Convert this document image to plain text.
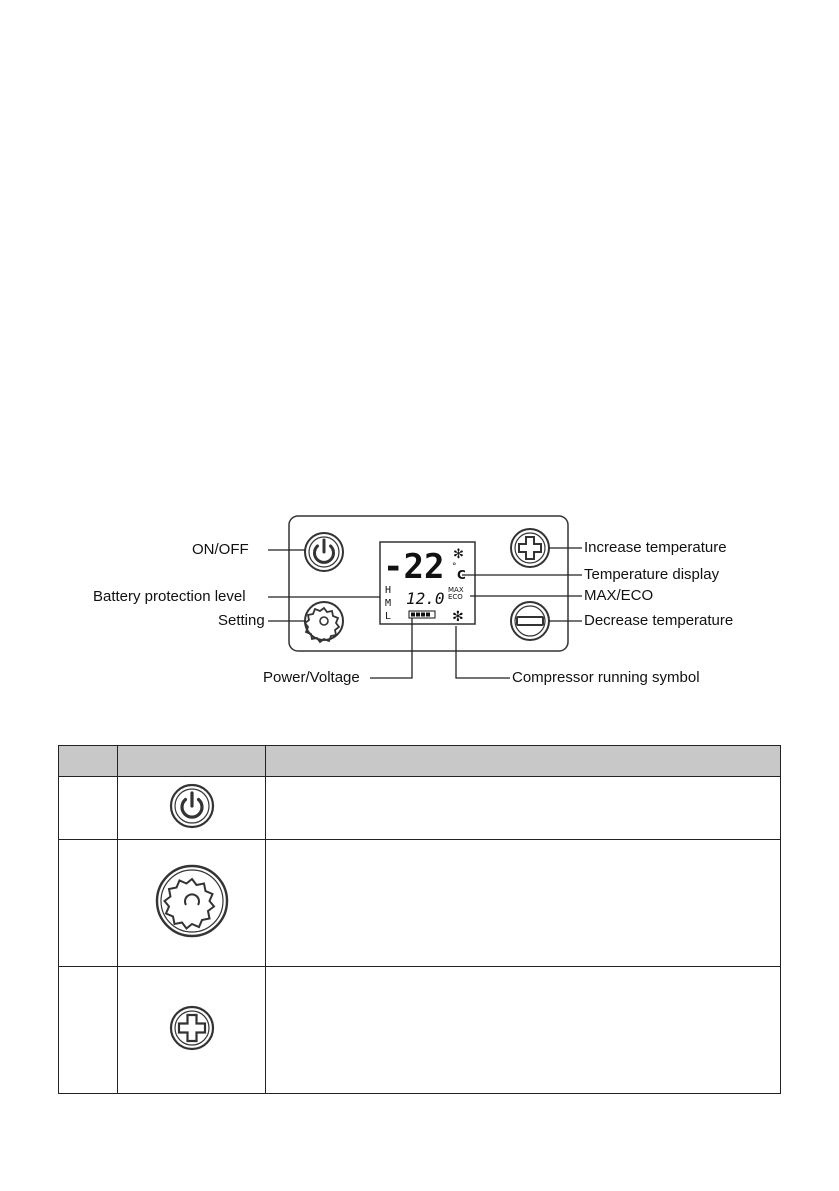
-22 ✻
°
C
MAX
ECO
12.0
H
M
L	✻
ON/OFF
Battery protection level
Setting
Power/Voltage
Increase temperature
Temperature display
MAX/ECO
Decrease temperature
Compressor running symbol
